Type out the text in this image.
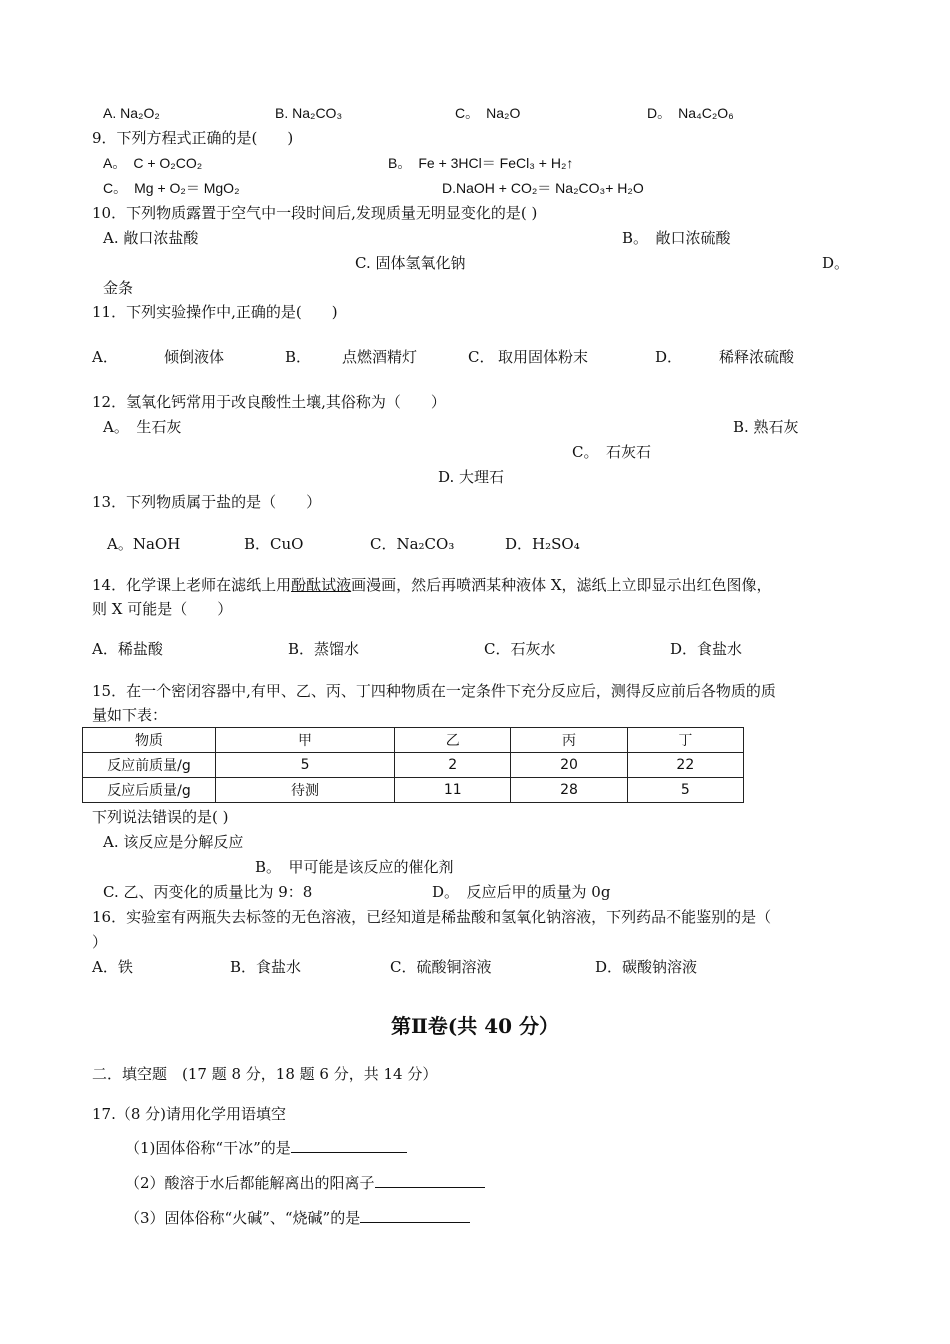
A. Na₂O₂	B. Na₂CO₃	C。　Na₂O	D。　Na₄C₂O₆
9．下列方程式正确的是(　　)
A。　C + O₂CO₂	B。　Fe + 3HCl＝ FeCl₃ + H₂↑
C。　Mg + O₂＝ MgO₂	D.NaOH + CO₂＝ Na₂CO₃+ H₂O
10．下列物质露置于空气中一段时间后,发现质量无明显变化的是( )
A. 敞口浓盐酸	B。　敞口浓硫酸
C. 固体氢氧化钠	D。
金条
11．下列实验操作中,正确的是(　　)
A．	倾倒液体	B． 点燃酒精灯	C． 取用固体粉末	D． 稀释浓硫酸
12．氢氧化钙常用于改良酸性土壤,其俗称为（　　）
A。　生石灰	B. 熟石灰
C。　石灰石
D. 大理石
13．下列物质属于盐的是（　　）
A。NaOH	B．CuO	C．Na₂CO₃	D．H₂SO₄
14．化学课上老师在滤纸上用酚酞试液画漫画，然后再喷洒某种液体 X，滤纸上立即显示出红色图像，
则 X 可能是（　　）
A．稀盐酸	B．蒸馏水	C．石灰水	D．食盐水
15．在一个密闭容器中,有甲、乙、丙、丁四种物质在一定条件下充分反应后，测得反应前后各物质的质
量如下表：
物质	甲	乙	丙	丁
反应前质量/g	5	2	20	22
反应后质量/g	待测	11	28	5
下列说法错误的是( )
A. 该反应是分解反应
B。　甲可能是该反应的催化剂
C. 乙、丙变化的质量比为 9：8	D。　反应后甲的质量为 0g
16．实验室有两瓶失去标签的无色溶液，已经知道是稀盐酸和氢氧化钠溶液，下列药品不能鉴别的是（
）
A．铁	B．食盐水	C．硫酸铜溶液	D．碳酸钠溶液
第Ⅱ卷(共 40 分）
二．填空题　(17 题 8 分，18 题 6 分，共 14 分）
17.（8 分)请用化学用语填空
（1)固体俗称“干冰”的是
（2）酸溶于水后都能解离出的阳离子
（3）固体俗称“火碱”、“烧碱”的是
